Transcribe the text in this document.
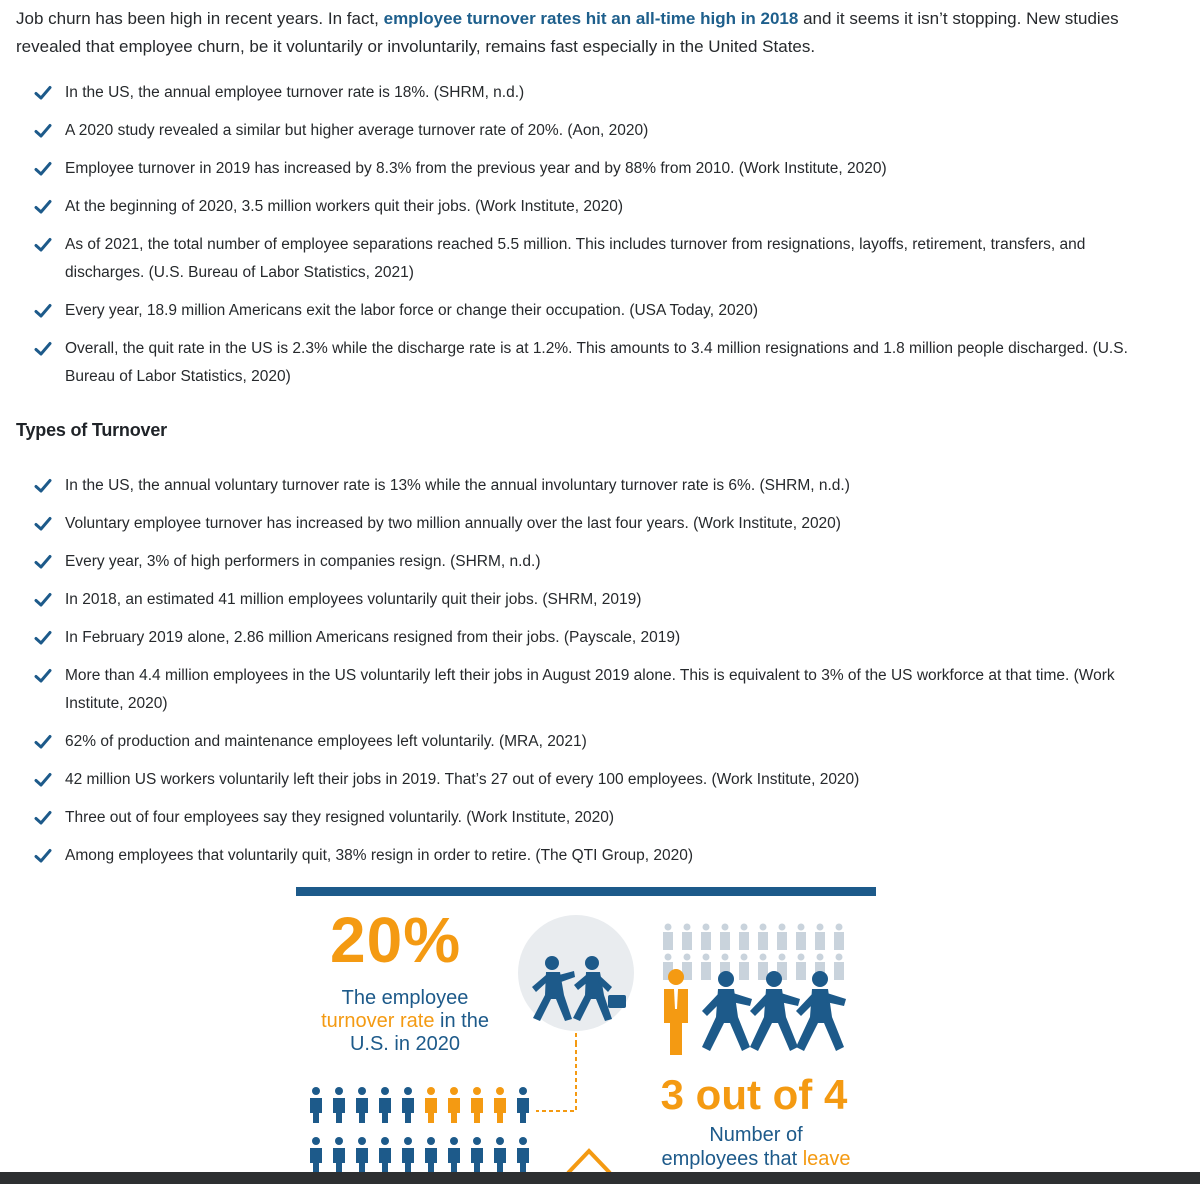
Job churn has been high in recent years. In fact, employee turnover rates hit an all-time high in 2018 and it seems it isn’t stopping. New studies revealed that employee churn, be it voluntarily or involuntarily, remains fast especially in the United States.

In the US, the annual employee turnover rate is 18%. (SHRM, n.d.)
A 2020 study revealed a similar but higher average turnover rate of 20%. (Aon, 2020)
Employee turnover in 2019 has increased by 8.3% from the previous year and by 88% from 2010. (Work Institute, 2020)
At the beginning of 2020, 3.5 million workers quit their jobs. (Work Institute, 2020)
As of 2021, the total number of employee separations reached 5.5 million. This includes turnover from resignations, layoffs, retirement, transfers, and discharges. (U.S. Bureau of Labor Statistics, 2021)
Every year, 18.9 million Americans exit the labor force or change their occupation. (USA Today, 2020)
Overall, the quit rate in the US is 2.3% while the discharge rate is at 1.2%. This amounts to 3.4 million resignations and 1.8 million people discharged. (U.S. Bureau of Labor Statistics, 2020)
Types of Turnover
In the US, the annual voluntary turnover rate is 13% while the annual involuntary turnover rate is 6%. (SHRM, n.d.)
Voluntary employee turnover has increased by two million annually over the last four years. (Work Institute, 2020)
Every year, 3% of high performers in companies resign. (SHRM, n.d.)
In 2018, an estimated 41 million employees voluntarily quit their jobs. (SHRM, 2019)
In February 2019 alone, 2.86 million Americans resigned from their jobs. (Payscale, 2019)
More than 4.4 million employees in the US voluntarily left their jobs in August 2019 alone. This is equivalent to 3% of the US workforce at that time. (Work Institute, 2020)
62% of production and maintenance employees left voluntarily. (MRA, 2021)
42 million US workers voluntarily left their jobs in 2019. That’s 27 out of every 100 employees. (Work Institute, 2020)
Three out of four employees say they resigned voluntarily. (Work Institute, 2020)
Among employees that voluntarily quit, 38% resign in order to retire. (The QTI Group, 2020)
20%
The employee
turnover rate in the
U.S. in 2020
3 out of 4
Number of
employees that leave
